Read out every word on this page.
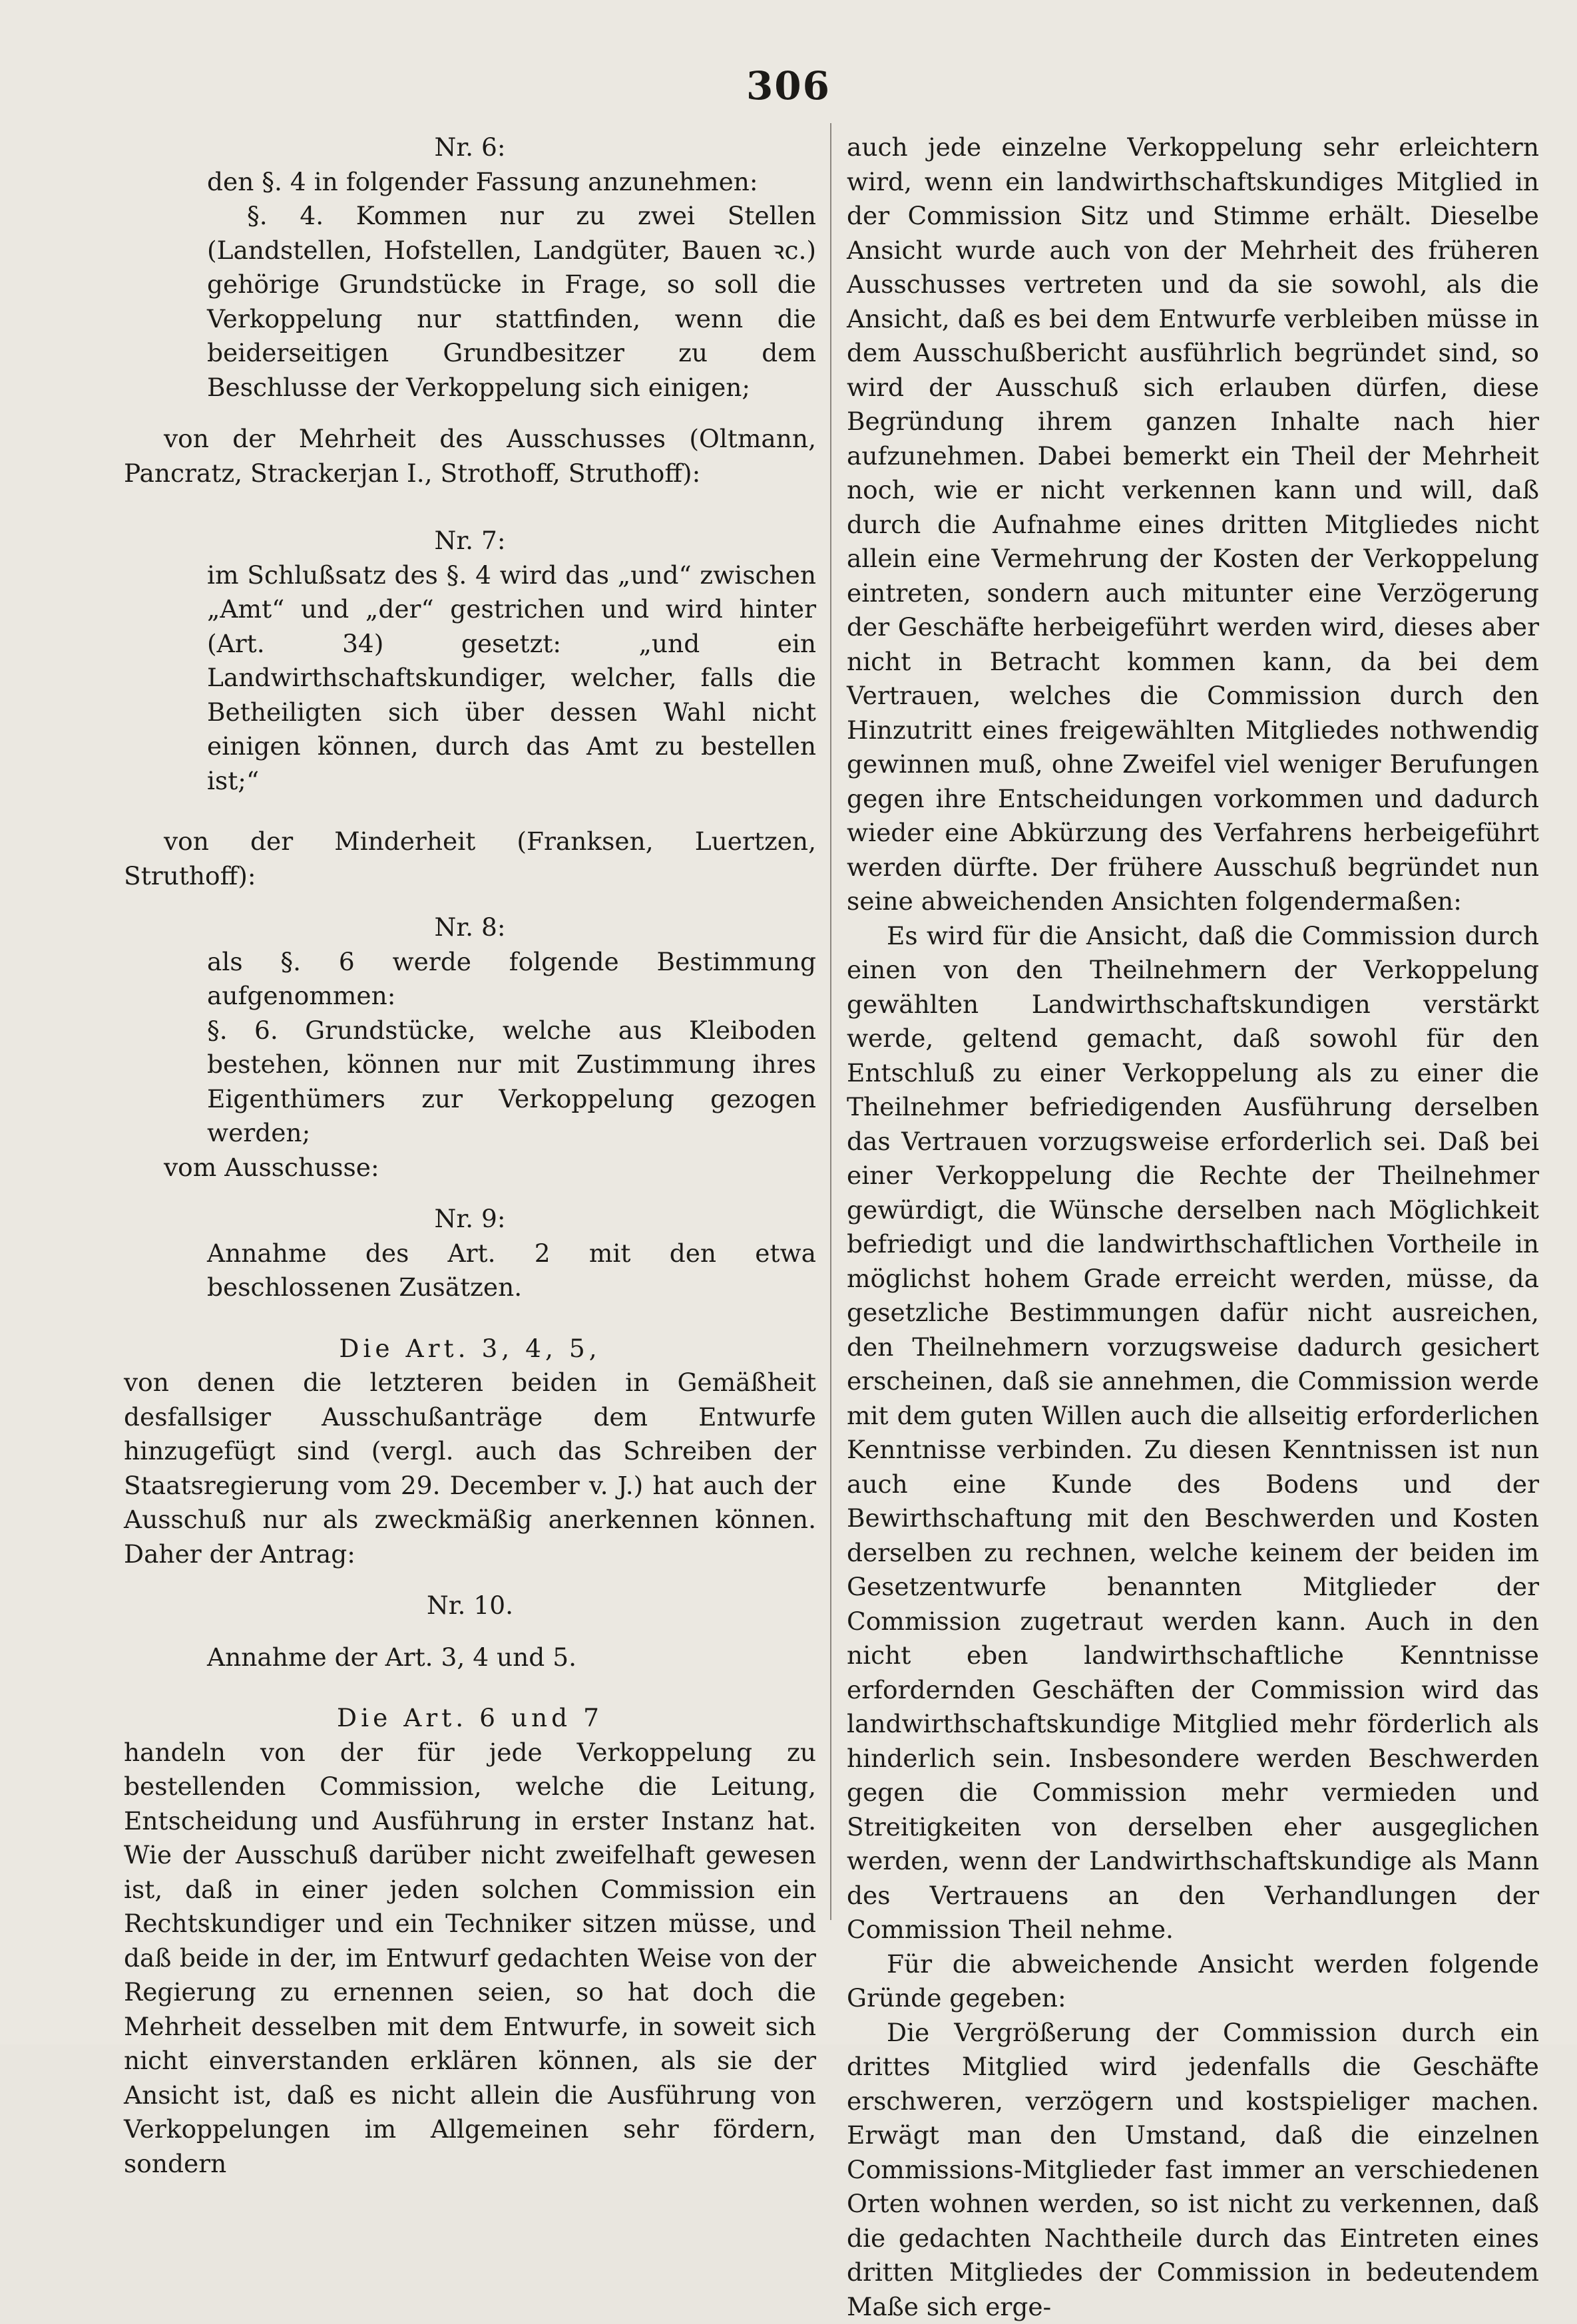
306

Nr. 6:

den §. 4 in folgender Fassung anzunehmen:

§. 4. Kommen nur zu zwei Stellen (Landstellen, Hofstellen, Landgüter, Bauen ꝛc.) gehörige Grundstücke in Frage, so soll die Verkoppelung nur stattfinden, wenn die beiderseitigen Grundbesitzer zu dem Beschlusse der Verkoppelung sich einigen;

von der Mehrheit des Ausschusses (Oltmann, Pancratz, Strackerjan I., Strothoff, Struthoff):

Nr. 7:

im Schlußsatz des §. 4 wird das „und“ zwischen „Amt“ und „der“ gestrichen und wird hinter (Art. 34) gesetzt: „und ein Landwirthschaftskundiger, welcher, falls die Betheiligten sich über dessen Wahl nicht einigen können, durch das Amt zu bestellen ist;“

von der Minderheit (Franksen, Luertzen, Struthoff):

Nr. 8:

als §. 6 werde folgende Bestimmung aufgenommen:

§. 6. Grundstücke, welche aus Kleiboden bestehen, können nur mit Zustimmung ihres Eigenthümers zur Verkoppelung gezogen werden;

vom Ausschusse:

Nr. 9:

Annahme des Art. 2 mit den etwa beschlossenen Zusätzen.

Die Art. 3, 4, 5,

von denen die letzteren beiden in Gemäßheit desfallsiger Ausschußanträge dem Entwurfe hinzugefügt sind (vergl. auch das Schreiben der Staatsregierung vom 29. December v. J.) hat auch der Ausschuß nur als zweckmäßig anerkennen können. Daher der Antrag:

Nr. 10.

Annahme der Art. 3, 4 und 5.

Die Art. 6 und 7

handeln von der für jede Verkoppelung zu bestellenden Commission, welche die Leitung, Entscheidung und Ausführung in erster Instanz hat. Wie der Ausschuß darüber nicht zweifelhaft gewesen ist, daß in einer jeden solchen Commission ein Rechtskundiger und ein Techniker sitzen müsse, und daß beide in der, im Entwurf gedachten Weise von der Regierung zu ernennen seien, so hat doch die Mehrheit desselben mit dem Entwurfe, in soweit sich nicht einverstanden erklären können, als sie der Ansicht ist, daß es nicht allein die Ausführung von Verkoppelungen im Allgemeinen sehr fördern, sondern

auch jede einzelne Verkoppelung sehr erleichtern wird, wenn ein landwirthschaftskundiges Mitglied in der Commission Sitz und Stimme erhält. Dieselbe Ansicht wurde auch von der Mehrheit des früheren Ausschusses vertreten und da sie sowohl, als die Ansicht, daß es bei dem Entwurfe verbleiben müsse in dem Ausschußbericht ausführlich begründet sind, so wird der Ausschuß sich erlauben dürfen, diese Begründung ihrem ganzen Inhalte nach hier aufzunehmen. Dabei bemerkt ein Theil der Mehrheit noch, wie er nicht verkennen kann und will, daß durch die Aufnahme eines dritten Mitgliedes nicht allein eine Vermehrung der Kosten der Verkoppelung eintreten, sondern auch mitunter eine Verzögerung der Geschäfte herbeigeführt werden wird, dieses aber nicht in Betracht kommen kann, da bei dem Vertrauen, welches die Commission durch den Hinzutritt eines freigewählten Mitgliedes nothwendig gewinnen muß, ohne Zweifel viel weniger Berufungen gegen ihre Entscheidungen vorkommen und dadurch wieder eine Abkürzung des Verfahrens herbeigeführt werden dürfte. Der frühere Ausschuß begründet nun seine abweichenden Ansichten folgendermaßen:

Es wird für die Ansicht, daß die Commission durch einen von den Theilnehmern der Verkoppelung gewählten Landwirthschaftskundigen verstärkt werde, geltend gemacht, daß sowohl für den Entschluß zu einer Verkoppelung als zu einer die Theilnehmer befriedigenden Ausführung derselben das Vertrauen vorzugsweise erforderlich sei. Daß bei einer Verkoppelung die Rechte der Theilnehmer gewürdigt, die Wünsche derselben nach Möglichkeit befriedigt und die landwirthschaftlichen Vortheile in möglichst hohem Grade erreicht werden, müsse, da gesetzliche Bestimmungen dafür nicht ausreichen, den Theilnehmern vorzugsweise dadurch gesichert erscheinen, daß sie annehmen, die Commission werde mit dem guten Willen auch die allseitig erforderlichen Kenntnisse verbinden. Zu diesen Kenntnissen ist nun auch eine Kunde des Bodens und der Bewirthschaftung mit den Beschwerden und Kosten derselben zu rechnen, welche keinem der beiden im Gesetzentwurfe benannten Mitglieder der Commission zugetraut werden kann. Auch in den nicht eben landwirthschaftliche Kenntnisse erfordernden Geschäften der Commission wird das landwirthschaftskundige Mitglied mehr förderlich als hinderlich sein. Insbesondere werden Beschwerden gegen die Commission mehr vermieden und Streitigkeiten von derselben eher ausgeglichen werden, wenn der Landwirthschaftskundige als Mann des Vertrauens an den Verhandlungen der Commission Theil nehme.

Für die abweichende Ansicht werden folgende Gründe gegeben:

Die Vergrößerung der Commission durch ein drittes Mitglied wird jedenfalls die Geschäfte erschweren, verzögern und kostspieliger machen. Erwägt man den Umstand, daß die einzelnen Commissions-Mitglieder fast immer an verschiedenen Orten wohnen werden, so ist nicht zu verkennen, daß die gedachten Nachtheile durch das Eintreten eines dritten Mitgliedes der Commission in bedeutendem Maße sich erge-
